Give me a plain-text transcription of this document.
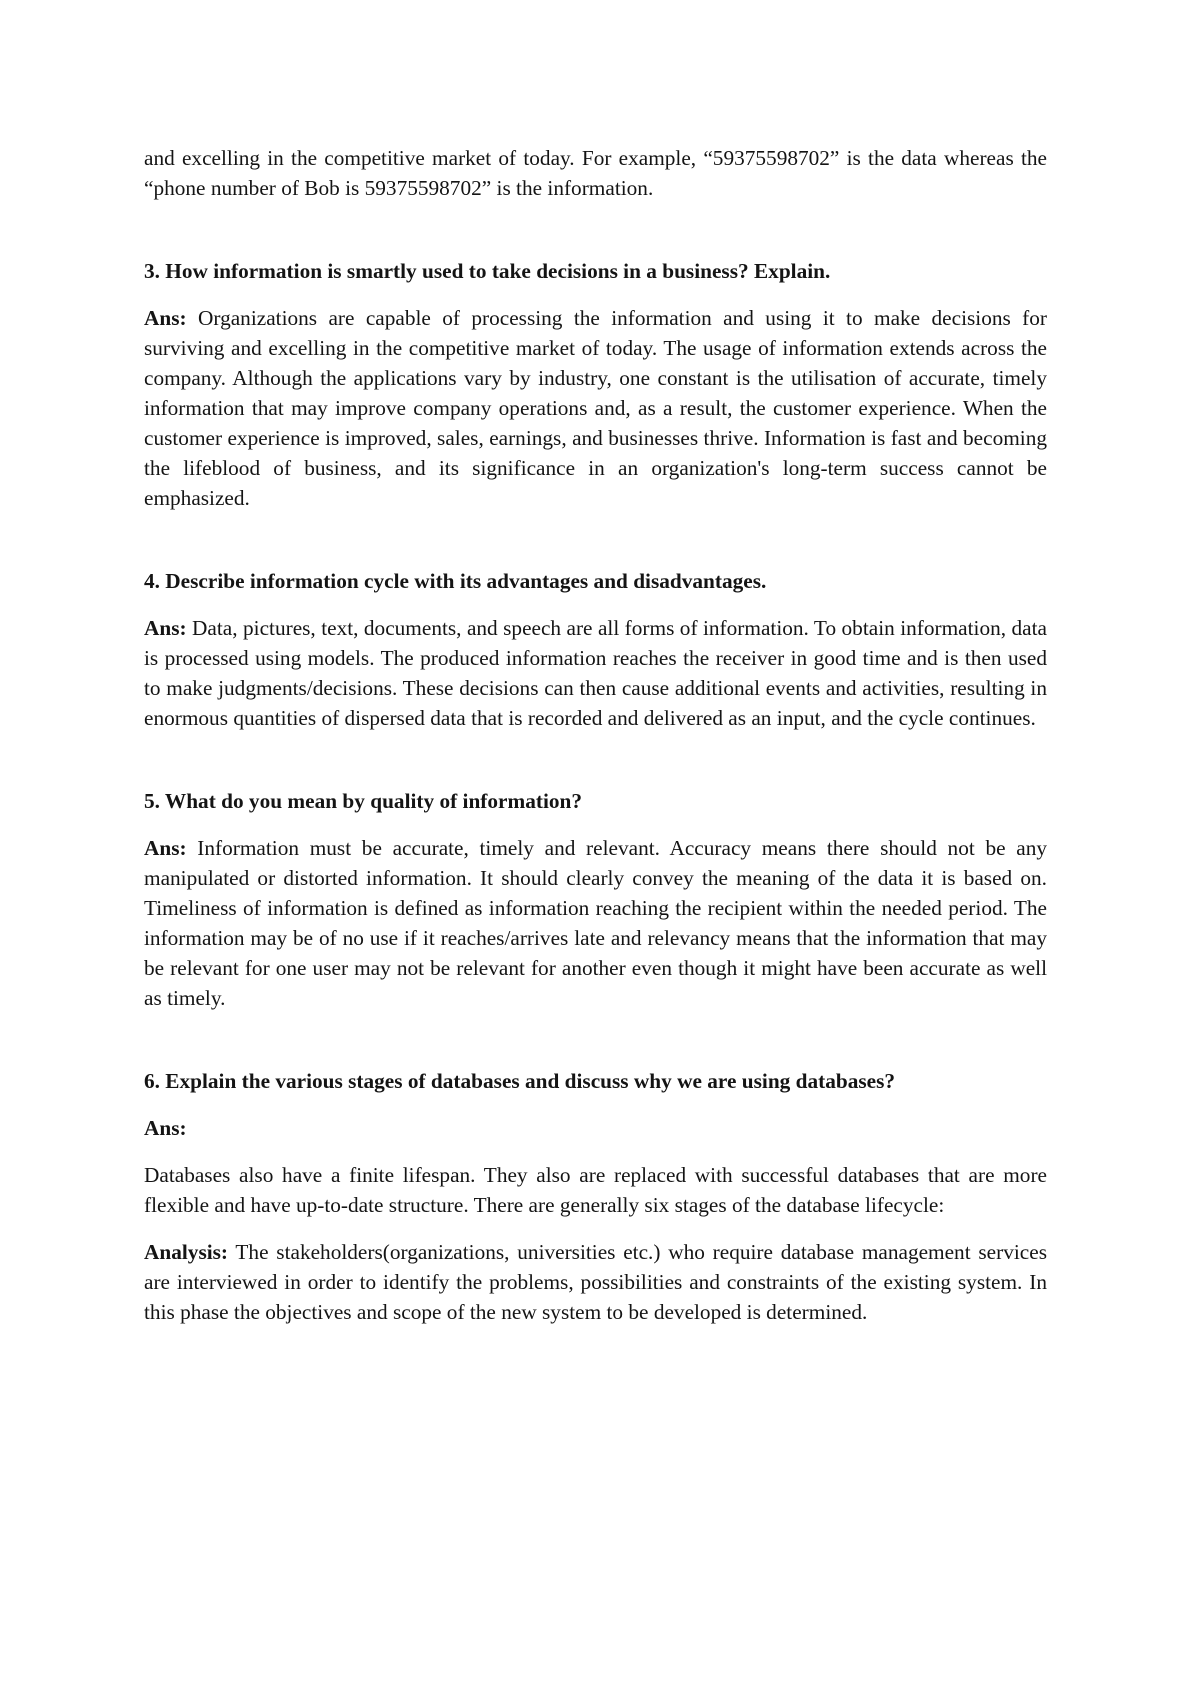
and excelling in the competitive market of today. For example, “59375598702” is the data whereas the “phone number of Bob is 59375598702” is the information.

3. How information is smartly used to take decisions in a business? Explain.

Ans: Organizations are capable of processing the information and using it to make decisions for surviving and excelling in the competitive market of today. The usage of information extends across the company. Although the applications vary by industry, one constant is the utilisation of accurate, timely information that may improve company operations and, as a result, the customer experience. When the customer experience is improved, sales, earnings, and businesses thrive. Information is fast and becoming the lifeblood of business, and its significance in an organization's long-term success cannot be emphasized.

4. Describe information cycle with its advantages and disadvantages.

Ans: Data, pictures, text, documents, and speech are all forms of information. To obtain information, data is processed using models. The produced information reaches the receiver in good time and is then used to make judgments/decisions. These decisions can then cause additional events and activities, resulting in enormous quantities of dispersed data that is recorded and delivered as an input, and the cycle continues.

5. What do you mean by quality of information?

Ans: Information must be accurate, timely and relevant. Accuracy means there should not be any manipulated or distorted information. It should clearly convey the meaning of the data it is based on. Timeliness of information is defined as information reaching the recipient within the needed period. The information may be of no use if it reaches/arrives late and relevancy means that the information that may be relevant for one user may not be relevant for another even though it might have been accurate as well as timely.

6. Explain the various stages of databases and discuss why we are using databases?

Ans:

Databases also have a finite lifespan. They also are replaced with successful databases that are more flexible and have up-to-date structure. There are generally six stages of the database lifecycle:

Analysis: The stakeholders(organizations, universities etc.) who require database management services are interviewed in order to identify the problems, possibilities and constraints of the existing system. In this phase the objectives and scope of the new system to be developed is determined.
